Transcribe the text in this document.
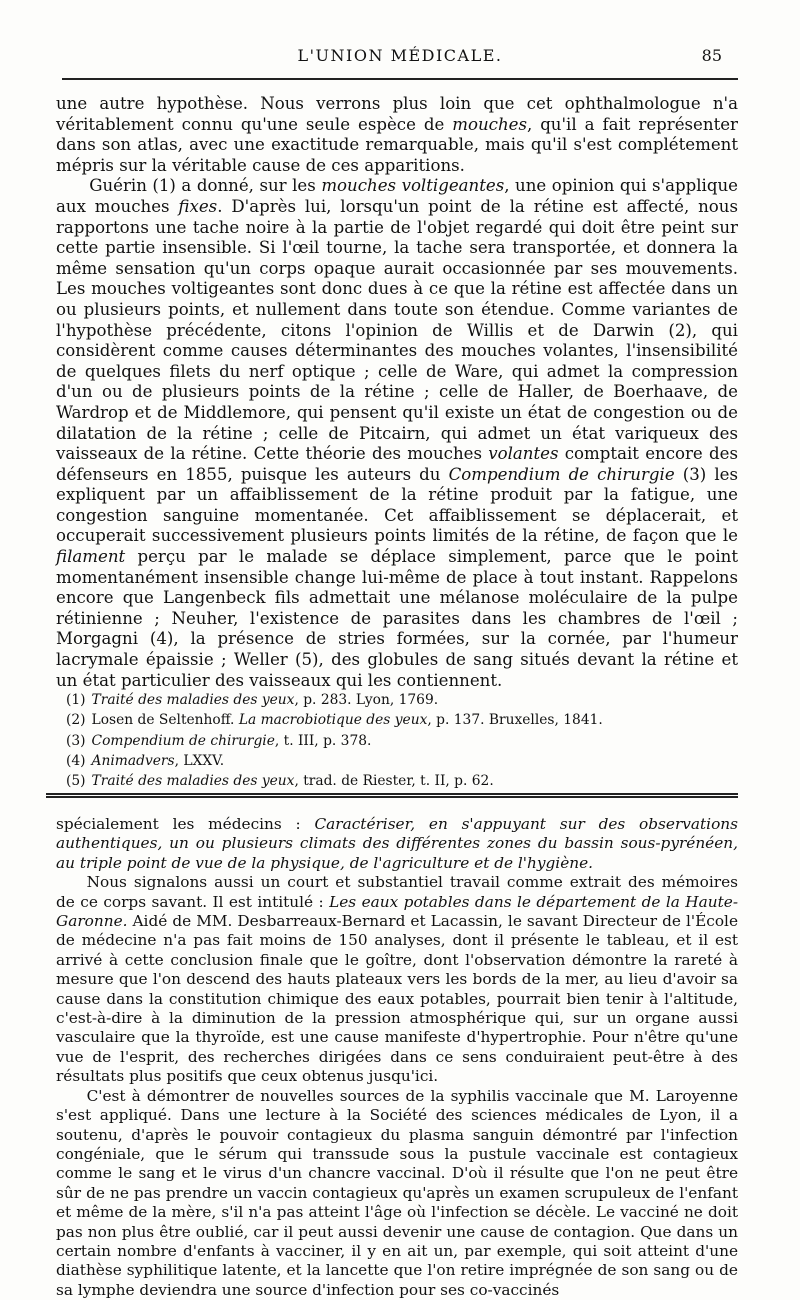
L'UNION MÉDICALE.	85

une autre hypothèse. Nous verrons plus loin que cet ophthalmologue n'a véritablement connu qu'une seule espèce de mouches, qu'il a fait représenter dans son atlas, avec une exactitude remarquable, mais qu'il s'est complétement mépris sur la véritable cause de ces apparitions.

Guérin (1) a donné, sur les mouches voltigeantes, une opinion qui s'applique aux mouches fixes. D'après lui, lorsqu'un point de la rétine est affecté, nous rapportons une tache noire à la partie de l'objet regardé qui doit être peint sur cette partie insensible. Si l'œil tourne, la tache sera transportée, et donnera la même sensation qu'un corps opaque aurait occasionnée par ses mouvements. Les mouches voltigeantes sont donc dues à ce que la rétine est affectée dans un ou plusieurs points, et nullement dans toute son étendue. Comme variantes de l'hypothèse précédente, citons l'opinion de Willis et de Darwin (2), qui considèrent comme causes déterminantes des mouches volantes, l'insensibilité de quelques filets du nerf optique ; celle de Ware, qui admet la compression d'un ou de plusieurs points de la rétine ; celle de Haller, de Boerhaave, de Wardrop et de Middlemore, qui pensent qu'il existe un état de congestion ou de dilatation de la rétine ; celle de Pitcairn, qui admet un état variqueux des vaisseaux de la rétine. Cette théorie des mouches volantes comptait encore des défenseurs en 1855, puisque les auteurs du Compendium de chirurgie (3) les expliquent par un affaiblissement de la rétine produit par la fatigue, une congestion sanguine momentanée. Cet affaiblissement se déplacerait, et occuperait successivement plusieurs points limités de la rétine, de façon que le filament perçu par le malade se déplace simplement, parce que le point momentanément insensible change lui-même de place à tout instant. Rappelons encore que Langenbeck fils admettait une mélanose moléculaire de la pulpe rétinienne ; Neuher, l'existence de parasites dans les chambres de l'œil ; Morgagni (4), la présence de stries formées, sur la cornée, par l'humeur lacrymale épaissie ; Weller (5), des globules de sang situés devant la rétine et un état particulier des vaisseaux qui les contiennent.

(1) Traité des maladies des yeux, p. 283. Lyon, 1769.

(2) Losen de Seltenhoff. La macrobiotique des yeux, p. 137. Bruxelles, 1841.

(3) Compendium de chirurgie, t. III, p. 378.

(4) Animadvers, LXXV.

(5) Traité des maladies des yeux, trad. de Riester, t. II, p. 62.

spécialement les médecins : Caractériser, en s'appuyant sur des observations authentiques, un ou plusieurs climats des différentes zones du bassin sous-pyrénéen, au triple point de vue de la physique, de l'agriculture et de l'hygiène.

Nous signalons aussi un court et substantiel travail comme extrait des mémoires de ce corps savant. Il est intitulé : Les eaux potables dans le département de la Haute-Garonne. Aidé de MM. Desbarreaux-Bernard et Lacassin, le savant Directeur de l'École de médecine n'a pas fait moins de 150 analyses, dont il présente le tableau, et il est arrivé à cette conclusion finale que le goître, dont l'observation démontre la rareté à mesure que l'on descend des hauts plateaux vers les bords de la mer, au lieu d'avoir sa cause dans la constitution chimique des eaux potables, pourrait bien tenir à l'altitude, c'est-à-dire à la diminution de la pression atmosphérique qui, sur un organe aussi vasculaire que la thyroïde, est une cause manifeste d'hypertrophie. Pour n'être qu'une vue de l'esprit, des recherches dirigées dans ce sens conduiraient peut-être à des résultats plus positifs que ceux obtenus jusqu'ici.

C'est à démontrer de nouvelles sources de la syphilis vaccinale que M. Laroyenne s'est appliqué. Dans une lecture à la Société des sciences médicales de Lyon, il a soutenu, d'après le pouvoir contagieux du plasma sanguin démontré par l'infection congéniale, que le sérum qui transsude sous la pustule vaccinale est contagieux comme le sang et le virus d'un chancre vaccinal. D'où il résulte que l'on ne peut être sûr de ne pas prendre un vaccin contagieux qu'après un examen scrupuleux de l'enfant et même de la mère, s'il n'a pas atteint l'âge où l'infection se décèle. Le vacciné ne doit pas non plus être oublié, car il peut aussi devenir une cause de contagion. Que dans un certain nombre d'enfants à vacciner, il y en ait un, par exemple, qui soit atteint d'une diathèse syphilitique latente, et la lancette que l'on retire imprégnée de son sang ou de sa lymphe deviendra une source d'infection pour ses co-vaccinés
